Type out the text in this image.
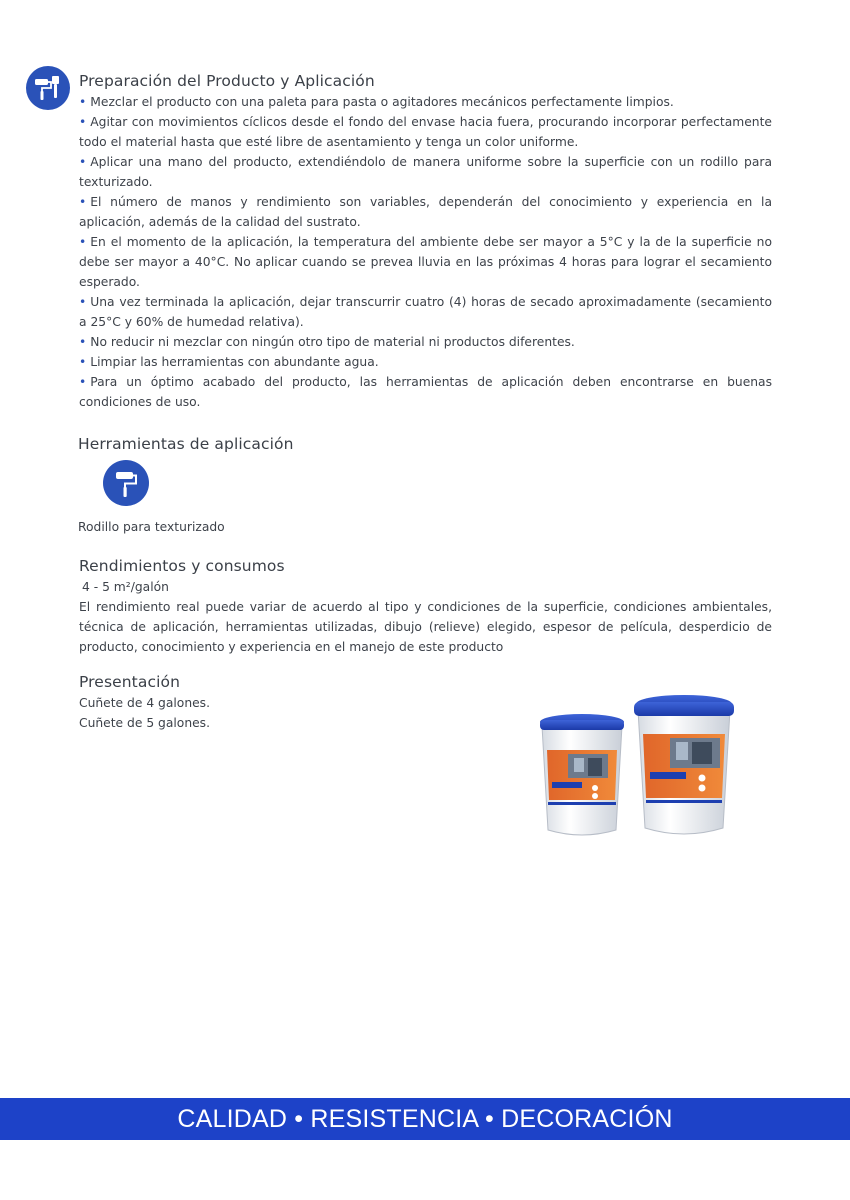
Preparación del Producto y Aplicación
• Mezclar el producto con una paleta para pasta o agitadores mecánicos perfectamente limpios.
• Agitar con movimientos cíclicos desde el fondo del envase hacia fuera, procurando incorporar perfectamente todo el material hasta que esté libre de asentamiento y tenga un color uniforme.
• Aplicar una mano del producto, extendiéndolo de manera uniforme sobre la superficie con un rodillo para texturizado.
• El número de manos y rendimiento son variables, dependerán del conocimiento y experiencia en la aplicación, además de la calidad del sustrato.
• En el momento de la aplicación, la temperatura del ambiente debe ser mayor a 5°C y la de la superficie no debe ser mayor a 40°C. No aplicar cuando se prevea lluvia en las próximas 4 horas para lograr el secamiento esperado.
• Una vez terminada la aplicación, dejar transcurrir cuatro (4) horas de secado aproximadamente (secamiento a 25°C y 60% de humedad relativa).
• No reducir ni mezclar con ningún otro tipo de material ni productos diferentes.
• Limpiar las herramientas con abundante agua.
• Para un óptimo acabado del producto, las herramientas de aplicación deben encontrarse en buenas condiciones de uso.
Herramientas de aplicación

Rodillo para texturizado

Rendimientos y consumos

4 - 5 m²/galón

El rendimiento real puede variar de acuerdo al tipo y condiciones de la superficie, condiciones ambientales, técnica de aplicación, herramientas utilizadas, dibujo (relieve) elegido, espesor de película, desperdicio de producto, conocimiento y experiencia en el manejo de este producto

Presentación

Cuñete de 4 galones.

Cuñete de 5 galones.

CALIDAD • RESISTENCIA • DECORACIÓN
